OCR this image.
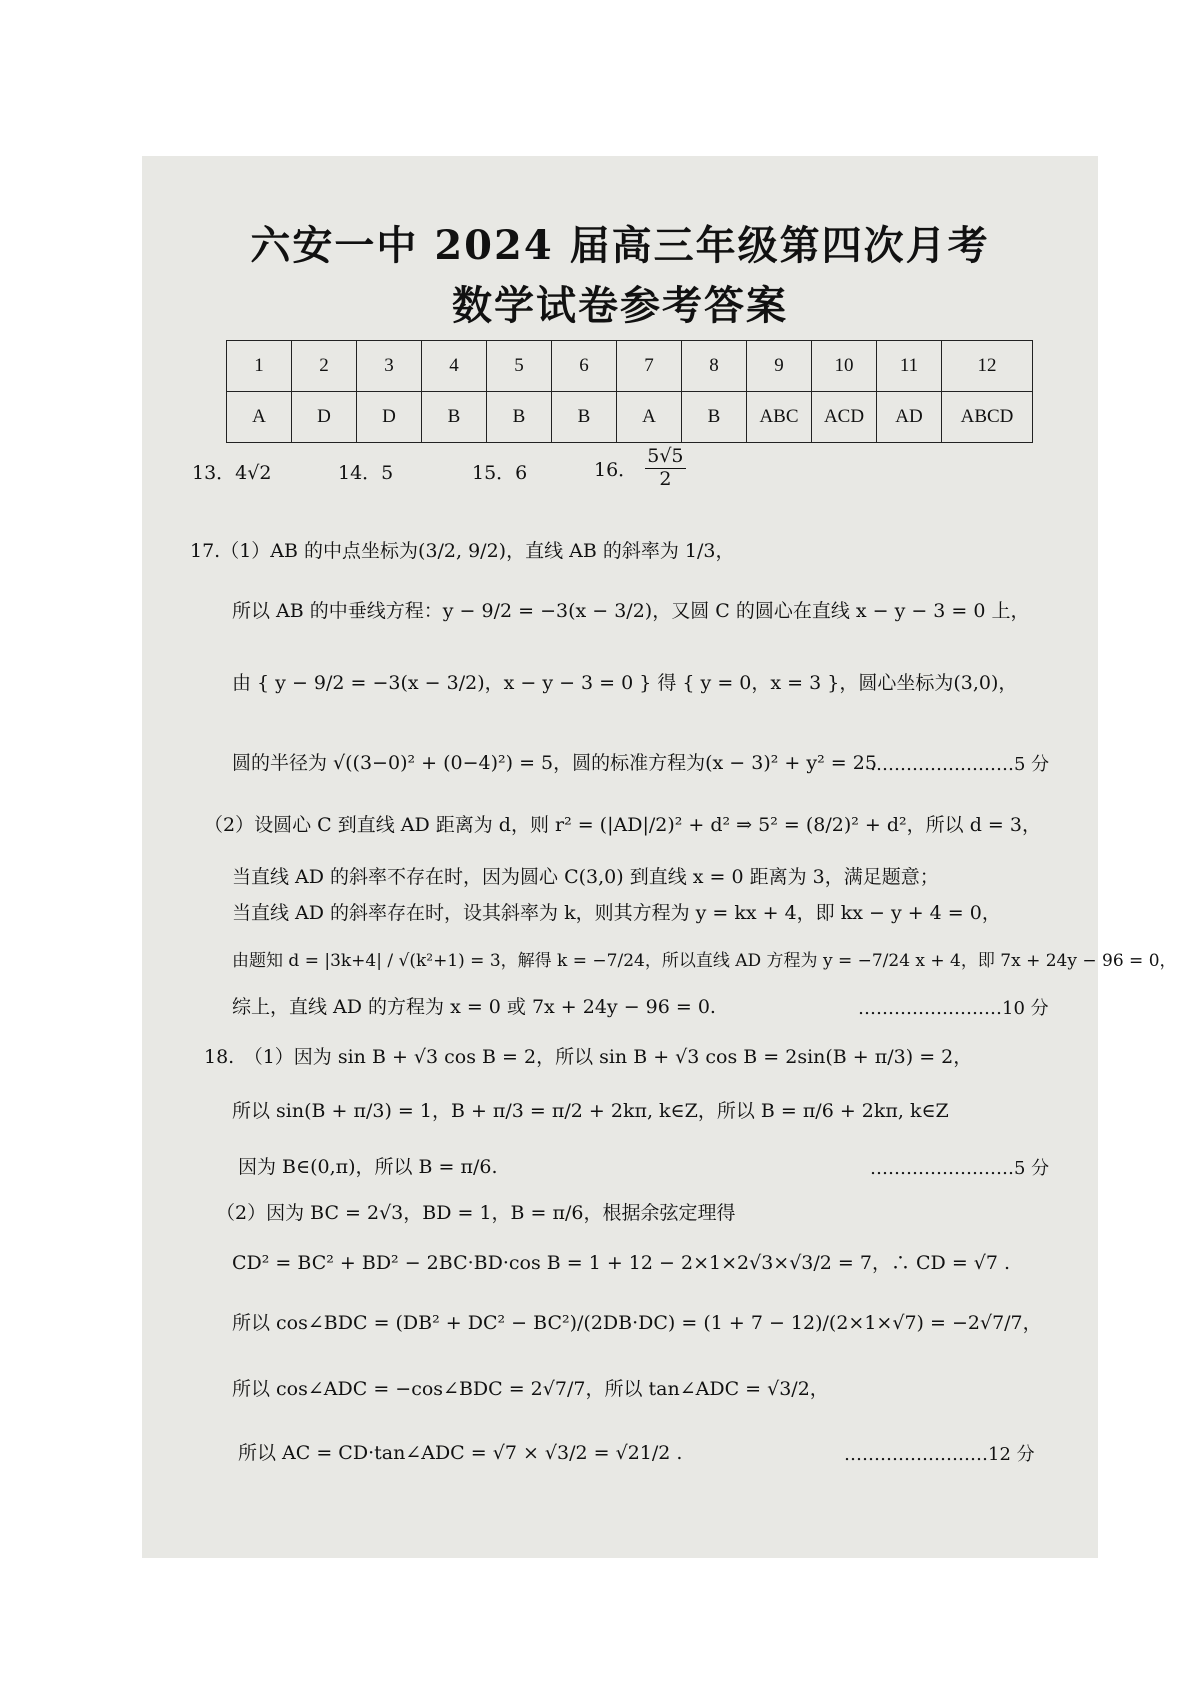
六安一中 2024 届高三年级第四次月考
数学试卷参考答案
1	2	3	4	5	6	7	8	9	10	11	12
A	D	D	B	B	B	A	B	ABC	ACD	AD	ABCD
13．4√2	14．5	15．6	16． $\frac{5√5}{2}$
17.（1）AB 的中点坐标为(3/2, 9/2)，直线 AB 的斜率为 1/3，
所以 AB 的中垂线方程：y − 9/2 = −3(x − 3/2)，又圆 C 的圆心在直线 x − y − 3 = 0 上，
由 { y − 9/2 = −3(x − 3/2)，x − y − 3 = 0 } 得 { y = 0，x = 3 }，圆心坐标为(3,0)，
圆的半径为 √((3−0)² + (0−4)²) = 5，圆的标准方程为(x − 3)² + y² = 25
……………………5 分
（2）设圆心 C 到直线 AD 距离为 d，则 r² = (|AD|/2)² + d² ⇒ 5² = (8/2)² + d²，所以 d = 3，
当直线 AD 的斜率不存在时，因为圆心 C(3,0) 到直线 x = 0 距离为 3，满足题意；
当直线 AD 的斜率存在时，设其斜率为 k，则其方程为 y = kx + 4，即 kx − y + 4 = 0，
由题知 d = |3k+4| / √(k²+1) = 3，解得 k = −7/24，所以直线 AD 方程为 y = −7/24 x + 4，即 7x + 24y − 96 = 0，
综上，直线 AD 的方程为 x = 0 或 7x + 24y − 96 = 0.	……………………10 分
18.　（1）因为 sin B + √3 cos B = 2，所以 sin B + √3 cos B = 2sin(B + π/3) = 2，
所以 sin(B + π/3) = 1，B + π/3 = π/2 + 2kπ, k∈Z，所以 B = π/6 + 2kπ, k∈Z
因为 B∈(0,π)，所以 B = π/6.	……………………5 分
（2）因为 BC = 2√3，BD = 1，B = π/6，根据余弦定理得
CD² = BC² + BD² − 2BC·BD·cos B = 1 + 12 − 2×1×2√3×√3/2 = 7，∴ CD = √7 .
所以 cos∠BDC = (DB² + DC² − BC²)/(2DB·DC) = (1 + 7 − 12)/(2×1×√7) = −2√7/7，
所以 cos∠ADC = −cos∠BDC = 2√7/7，所以 tan∠ADC = √3/2，
所以 AC = CD·tan∠ADC = √7 × √3/2 = √21/2 .	……………………12 分
